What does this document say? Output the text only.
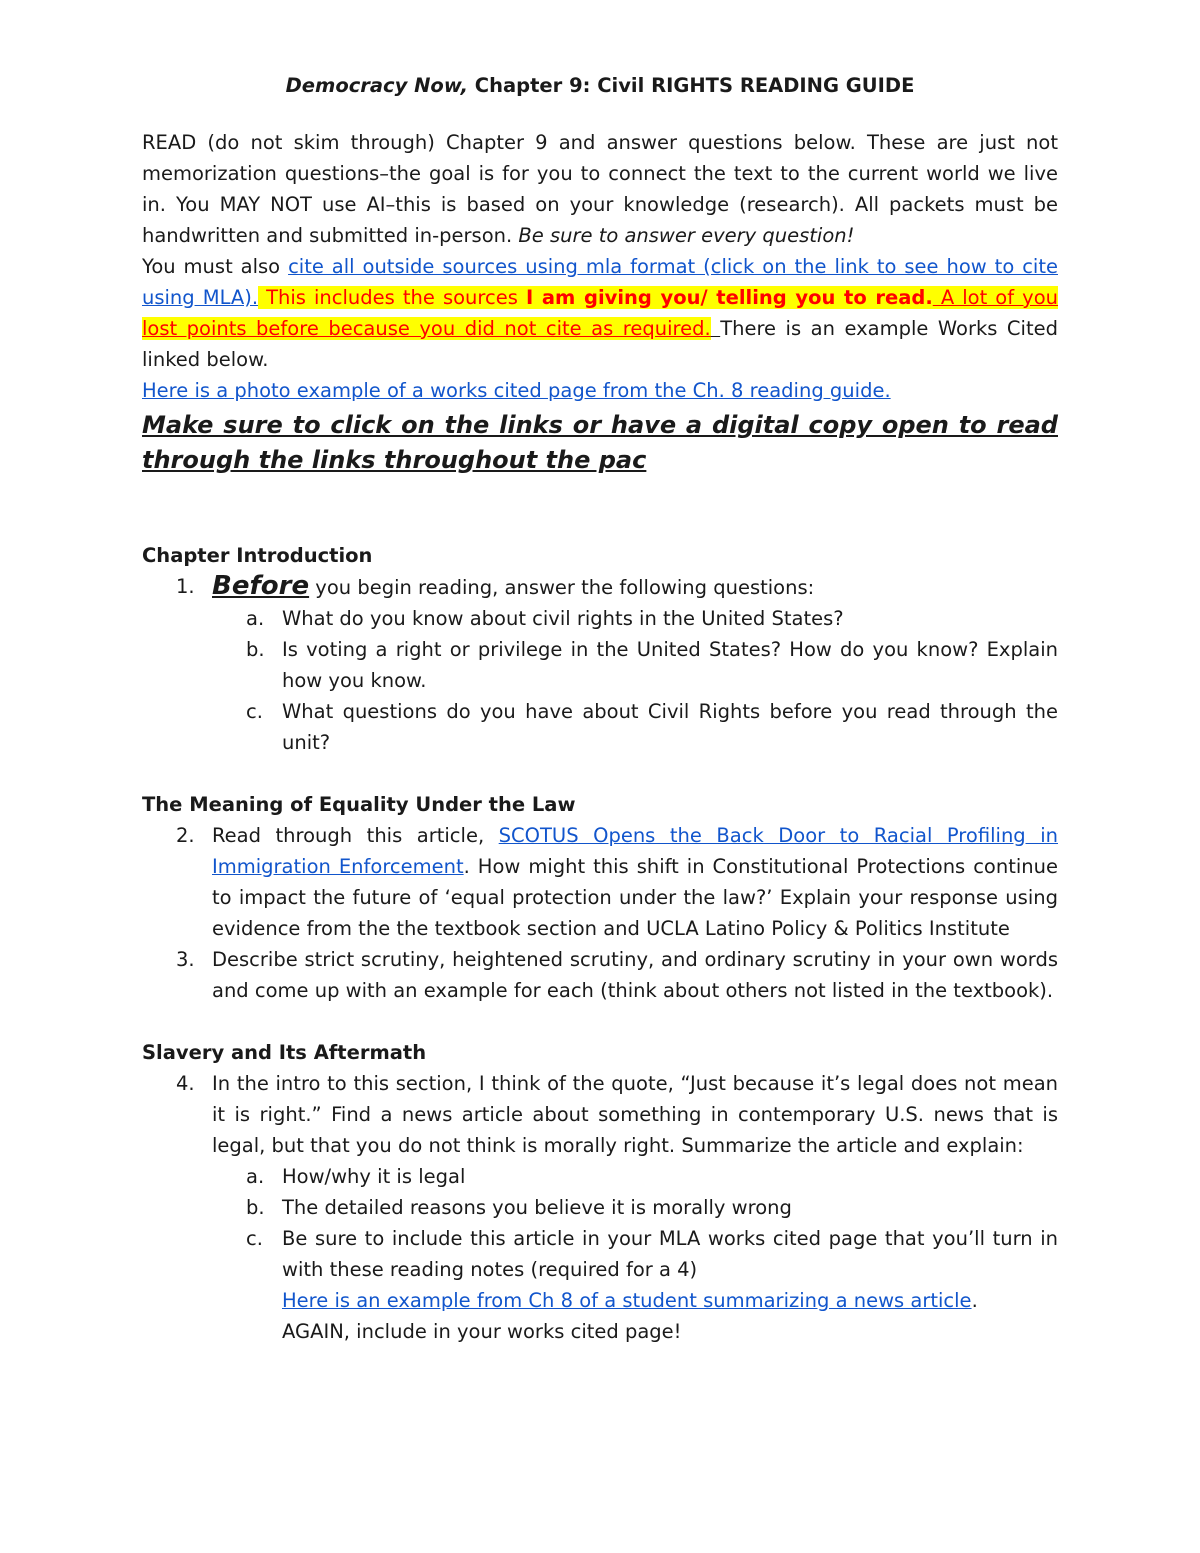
Democracy Now, Chapter 9: Civil RIGHTS READING GUIDE

READ (do not skim through) Chapter 9 and answer questions below. These are just not memorization questions–the goal is for you to connect the text to the current world we live in. You MAY NOT use AI–this is based on your knowledge (research). All packets must be handwritten and submitted in-person. Be sure to answer every question!

You must also cite all outside sources using mla format (click on the link to see how to cite using MLA). This includes the sources I am giving you/ telling you to read. A lot of you lost points before because you did not cite as required. There is an example Works Cited linked below.

Here is a photo example of a works cited page from the Ch. 8 reading guide.

Make sure to click on the links or have a digital copy open to read through the links throughout the pac

Chapter Introduction

1. Before you begin reading, answer the following questions:
a. What do you know about civil rights in the United States?
b. Is voting a right or privilege in the United States? How do you know? Explain how you know.
c. What questions do you have about Civil Rights before you read through the unit?

The Meaning of Equality Under the Law

2. Read through this article, SCOTUS Opens the Back Door to Racial Profiling in Immigration Enforcement. How might this shift in Constitutional Protections continue to impact the future of ‘equal protection under the law?’ Explain your response using evidence from the the textbook section and UCLA Latino Policy & Politics Institute
3. Describe strict scrutiny, heightened scrutiny, and ordinary scrutiny in your own words and come up with an example for each (think about others not listed in the textbook).

Slavery and Its Aftermath

4. In the intro to this section, I think of the quote, “Just because it’s legal does not mean it is right.” Find a news article about something in contemporary U.S. news that is legal, but that you do not think is morally right. Summarize the article and explain:
a. How/why it is legal
b. The detailed reasons you believe it is morally wrong
c. Be sure to include this article in your MLA works cited page that you’ll turn in with these reading notes (required for a 4)
Here is an example from Ch 8 of a student summarizing a news article.
AGAIN, include in your works cited page!
